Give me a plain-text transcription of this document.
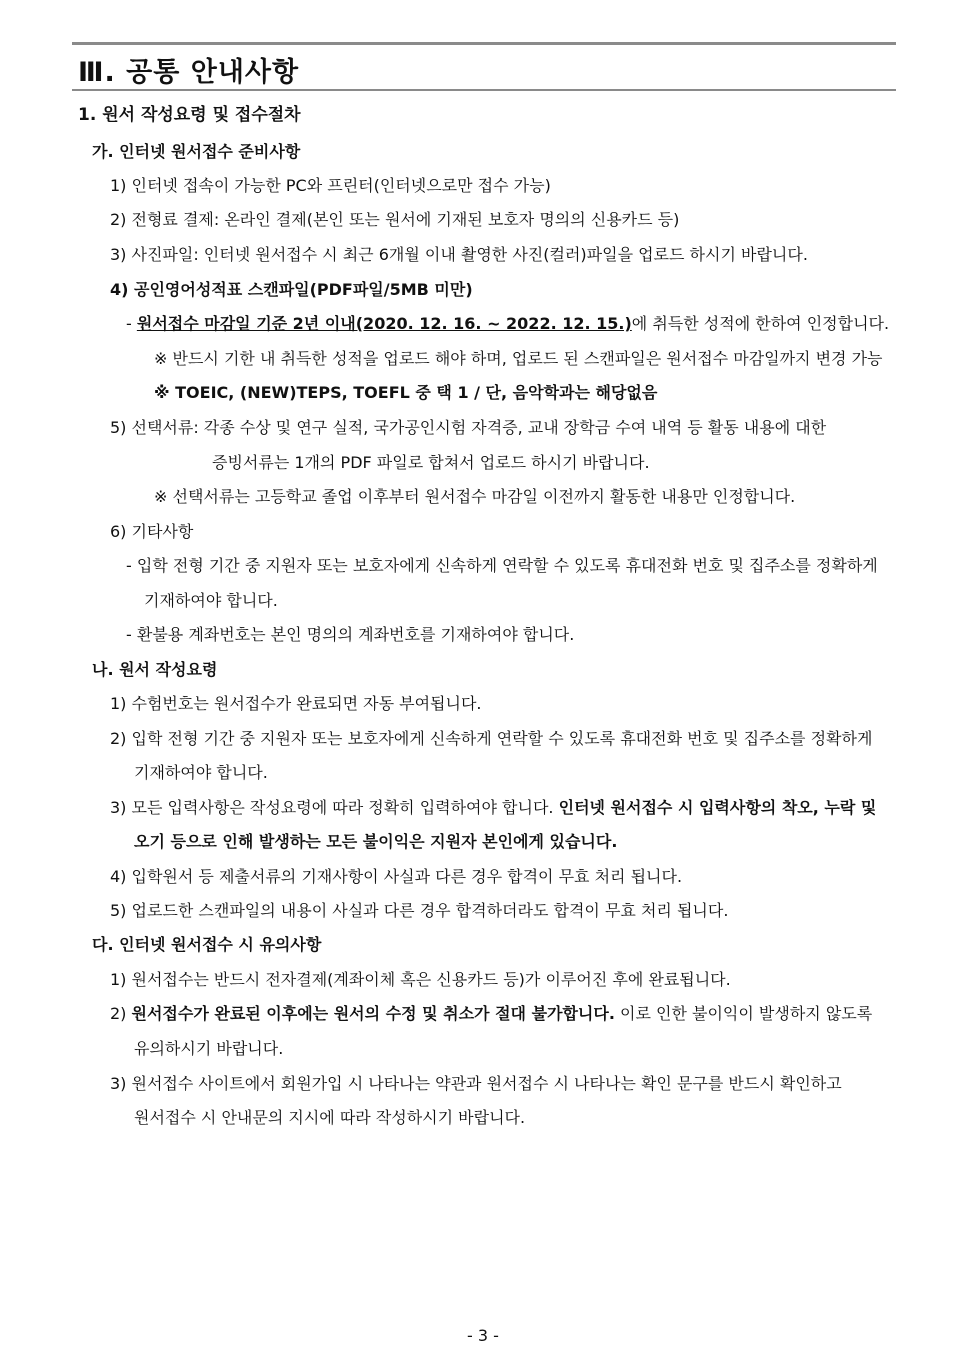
Ⅲ. 공통 안내사항
1. 원서 작성요령 및 접수절차
가. 인터넷 원서접수 준비사항
1) 인터넷 접속이 가능한 PC와 프린터(인터넷으로만 접수 가능)
2) 전형료 결제: 온라인 결제(본인 또는 원서에 기재된 보호자 명의의 신용카드 등)
3) 사진파일: 인터넷 원서접수 시 최근 6개월 이내 촬영한 사진(컬러)파일을 업로드 하시기 바랍니다.
4) 공인영어성적표 스캔파일(PDF파일/5MB 미만)
- 원서접수 마감일 기준 2년 이내(2020. 12. 16. ~ 2022. 12. 15.)에 취득한 성적에 한하여 인정합니다.
※ 반드시 기한 내 취득한 성적을 업로드 해야 하며, 업로드 된 스캔파일은 원서접수 마감일까지 변경 가능
※ TOEIC, (NEW)TEPS, TOEFL 중 택 1 / 단, 음악학과는 해당없음
5) 선택서류: 각종 수상 및 연구 실적, 국가공인시험 자격증, 교내 장학금 수여 내역 등 활동 내용에 대한
증빙서류는 1개의 PDF 파일로 합쳐서 업로드 하시기 바랍니다.
※ 선택서류는 고등학교 졸업 이후부터 원서접수 마감일 이전까지 활동한 내용만 인정합니다.
6) 기타사항
- 입학 전형 기간 중 지원자 또는 보호자에게 신속하게 연락할 수 있도록 휴대전화 번호 및 집주소를 정확하게
기재하여야 합니다.
- 환불용 계좌번호는 본인 명의의 계좌번호를 기재하여야 합니다.
나. 원서 작성요령
1) 수험번호는 원서접수가 완료되면 자동 부여됩니다.
2) 입학 전형 기간 중 지원자 또는 보호자에게 신속하게 연락할 수 있도록 휴대전화 번호 및 집주소를 정확하게
기재하여야 합니다.
3) 모든 입력사항은 작성요령에 따라 정확히 입력하여야 합니다. 인터넷 원서접수 시 입력사항의 착오, 누락 및
오기 등으로 인해 발생하는 모든 불이익은 지원자 본인에게 있습니다.
4) 입학원서 등 제출서류의 기재사항이 사실과 다른 경우 합격이 무효 처리 됩니다.
5) 업로드한 스캔파일의 내용이 사실과 다른 경우 합격하더라도 합격이 무효 처리 됩니다.
다. 인터넷 원서접수 시 유의사항
1) 원서접수는 반드시 전자결제(계좌이체 혹은 신용카드 등)가 이루어진 후에 완료됩니다.
2) 원서접수가 완료된 이후에는 원서의 수정 및 취소가 절대 불가합니다. 이로 인한 불이익이 발생하지 않도록
유의하시기 바랍니다.
3) 원서접수 사이트에서 회원가입 시 나타나는 약관과 원서접수 시 나타나는 확인 문구를 반드시 확인하고
원서접수 시 안내문의 지시에 따라 작성하시기 바랍니다.
- 3 -
